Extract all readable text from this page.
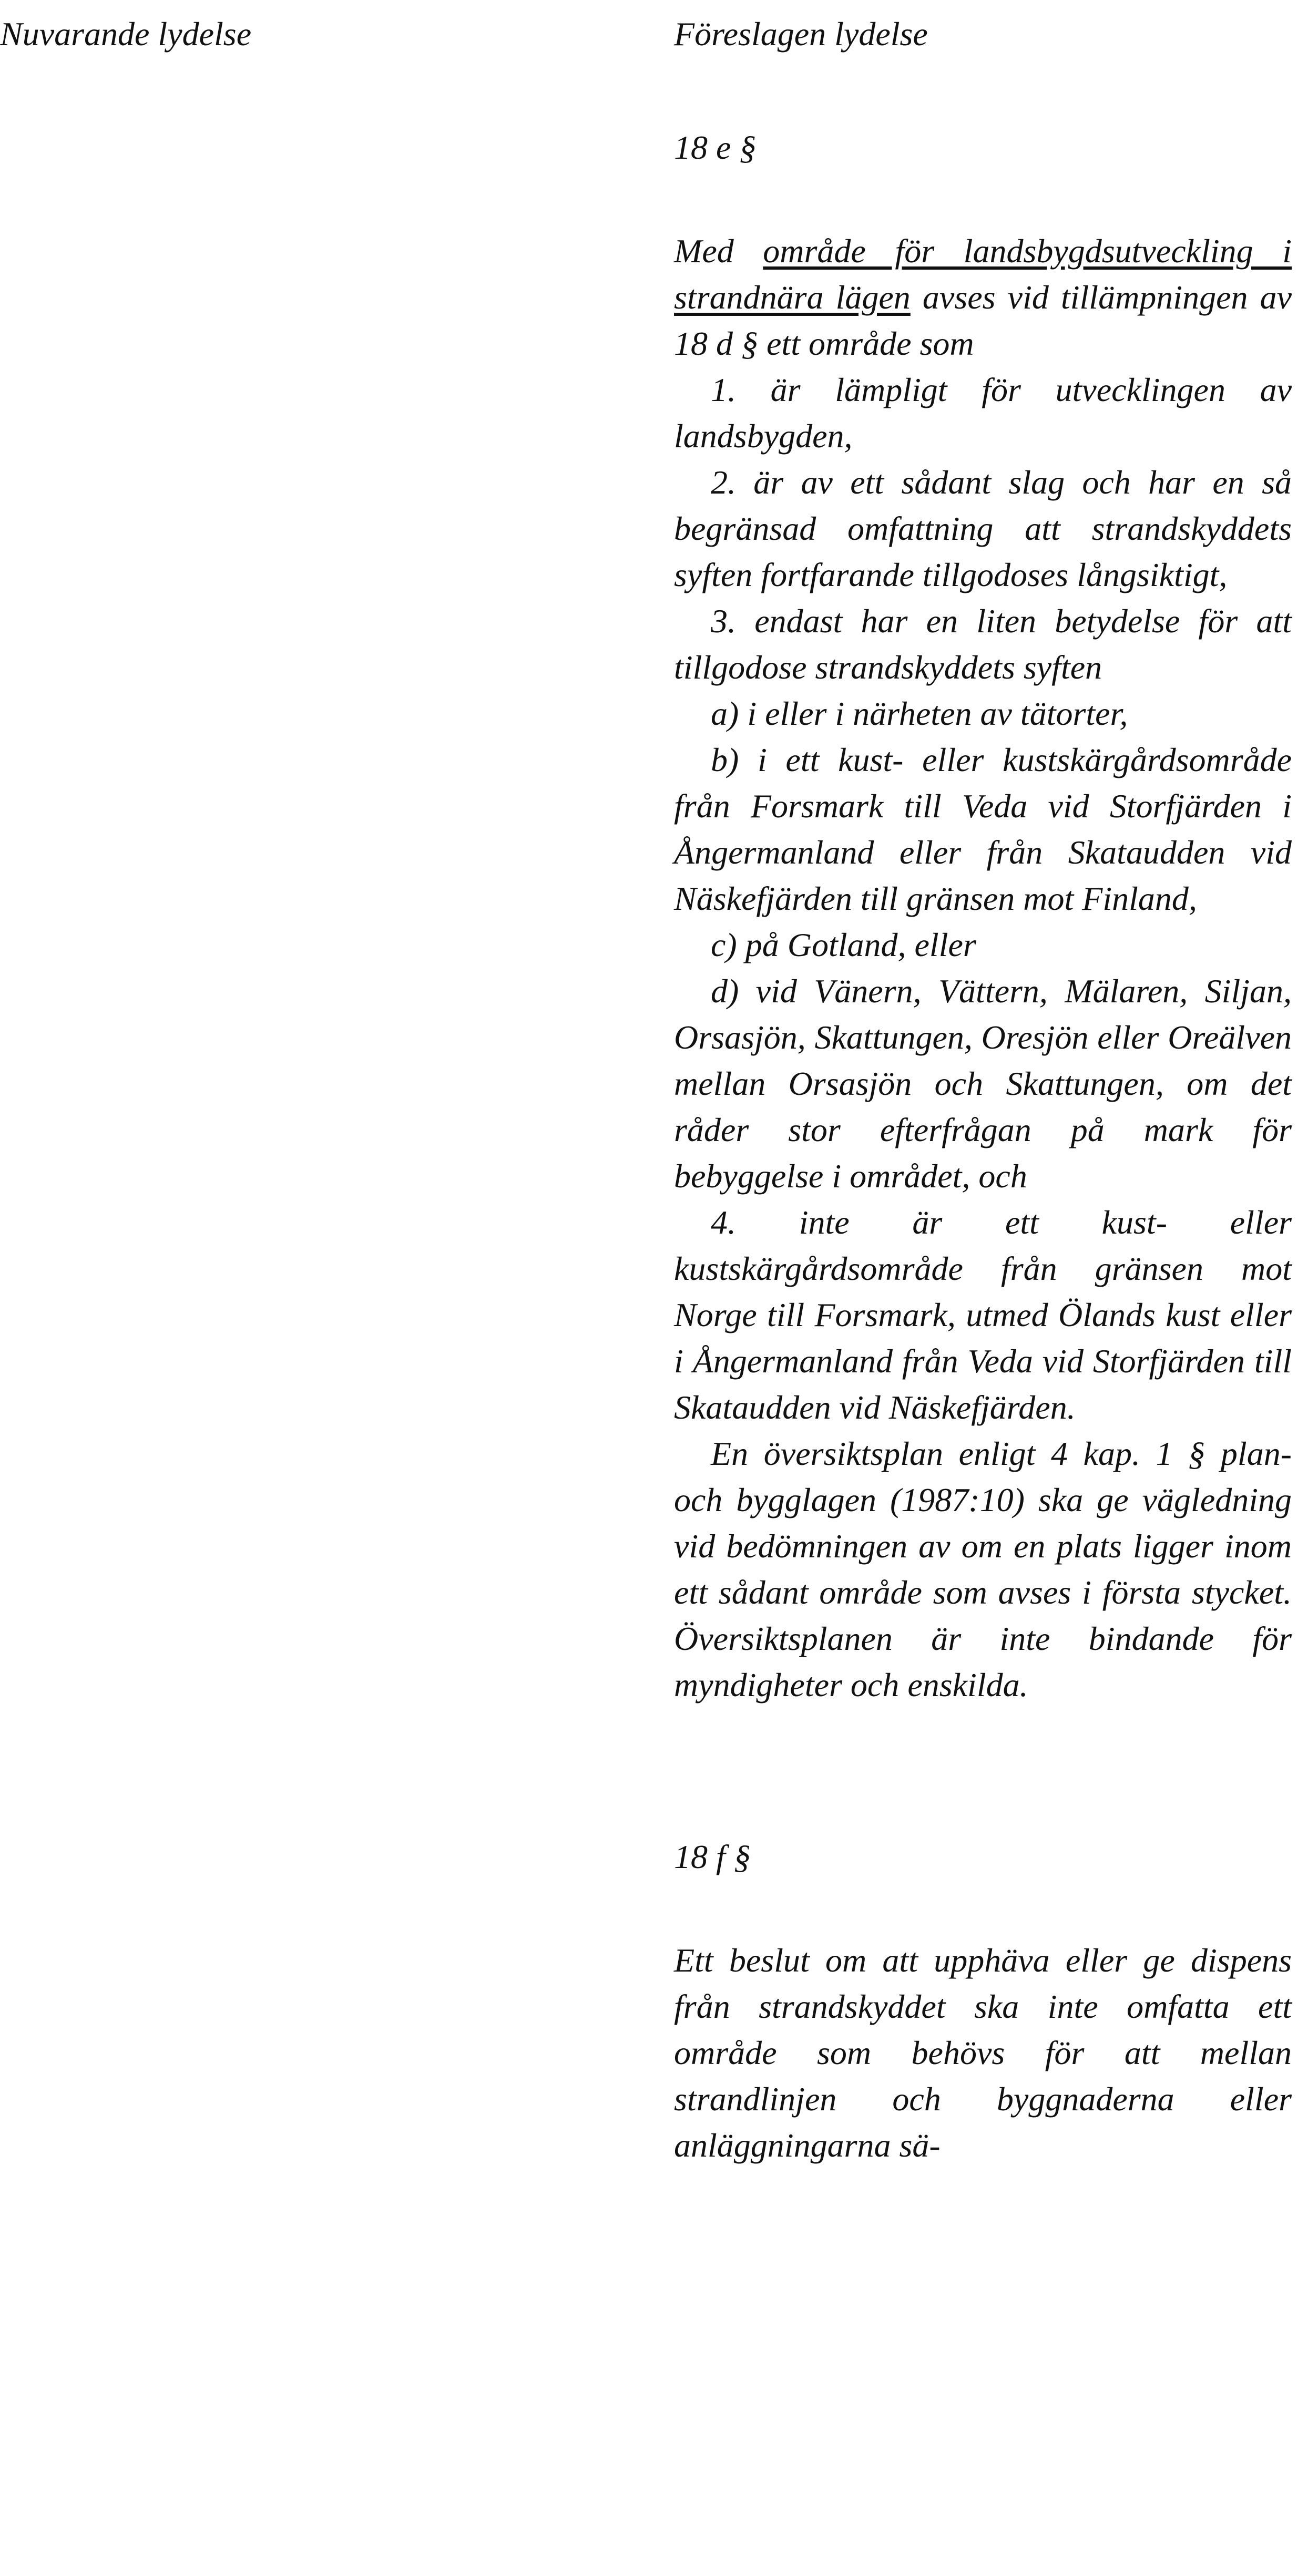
Nuvarande lydelse	Föreslagen lydelse
18 e §

Med område för landsbygdsutveckling i strandnära lägen avses vid tillämpningen av 18 d § ett område som

1. är lämpligt för utvecklingen av landsbygden,

2. är av ett sådant slag och har en så begränsad omfattning att strandskyddets syften fortfarande tillgodoses långsiktigt,

3. endast har en liten betydelse för att tillgodose strandskyddets syften

a) i eller i närheten av tätorter,

b) i ett kust- eller kustskärgårdsområde från Forsmark till Veda vid Storfjärden i Ångermanland eller från Skataudden vid Näskefjärden till gränsen mot Finland,

c) på Gotland, eller

d) vid Vänern, Vättern, Mälaren, Siljan, Orsasjön, Skattungen, Oresjön eller Oreälven mellan Orsasjön och Skattungen, om det råder stor efterfrågan på mark för bebyggelse i området, och

4. inte är ett kust- eller kustskärgårdsområde från gränsen mot Norge till Forsmark, utmed Ölands kust eller i Ångermanland från Veda vid Storfjärden till Skataudden vid Näskefjärden.

En översiktsplan enligt 4 kap. 1 § plan- och bygglagen (1987:10) ska ge vägledning vid bedömningen av om en plats ligger inom ett sådant område som avses i första stycket. Översiktsplanen är inte bindande för myndigheter och enskilda.

18 f §

Ett beslut om att upphäva eller ge dispens från strandskyddet ska inte omfatta ett område som behövs för att mellan strandlinjen och byggnaderna eller anläggningarna sä-
